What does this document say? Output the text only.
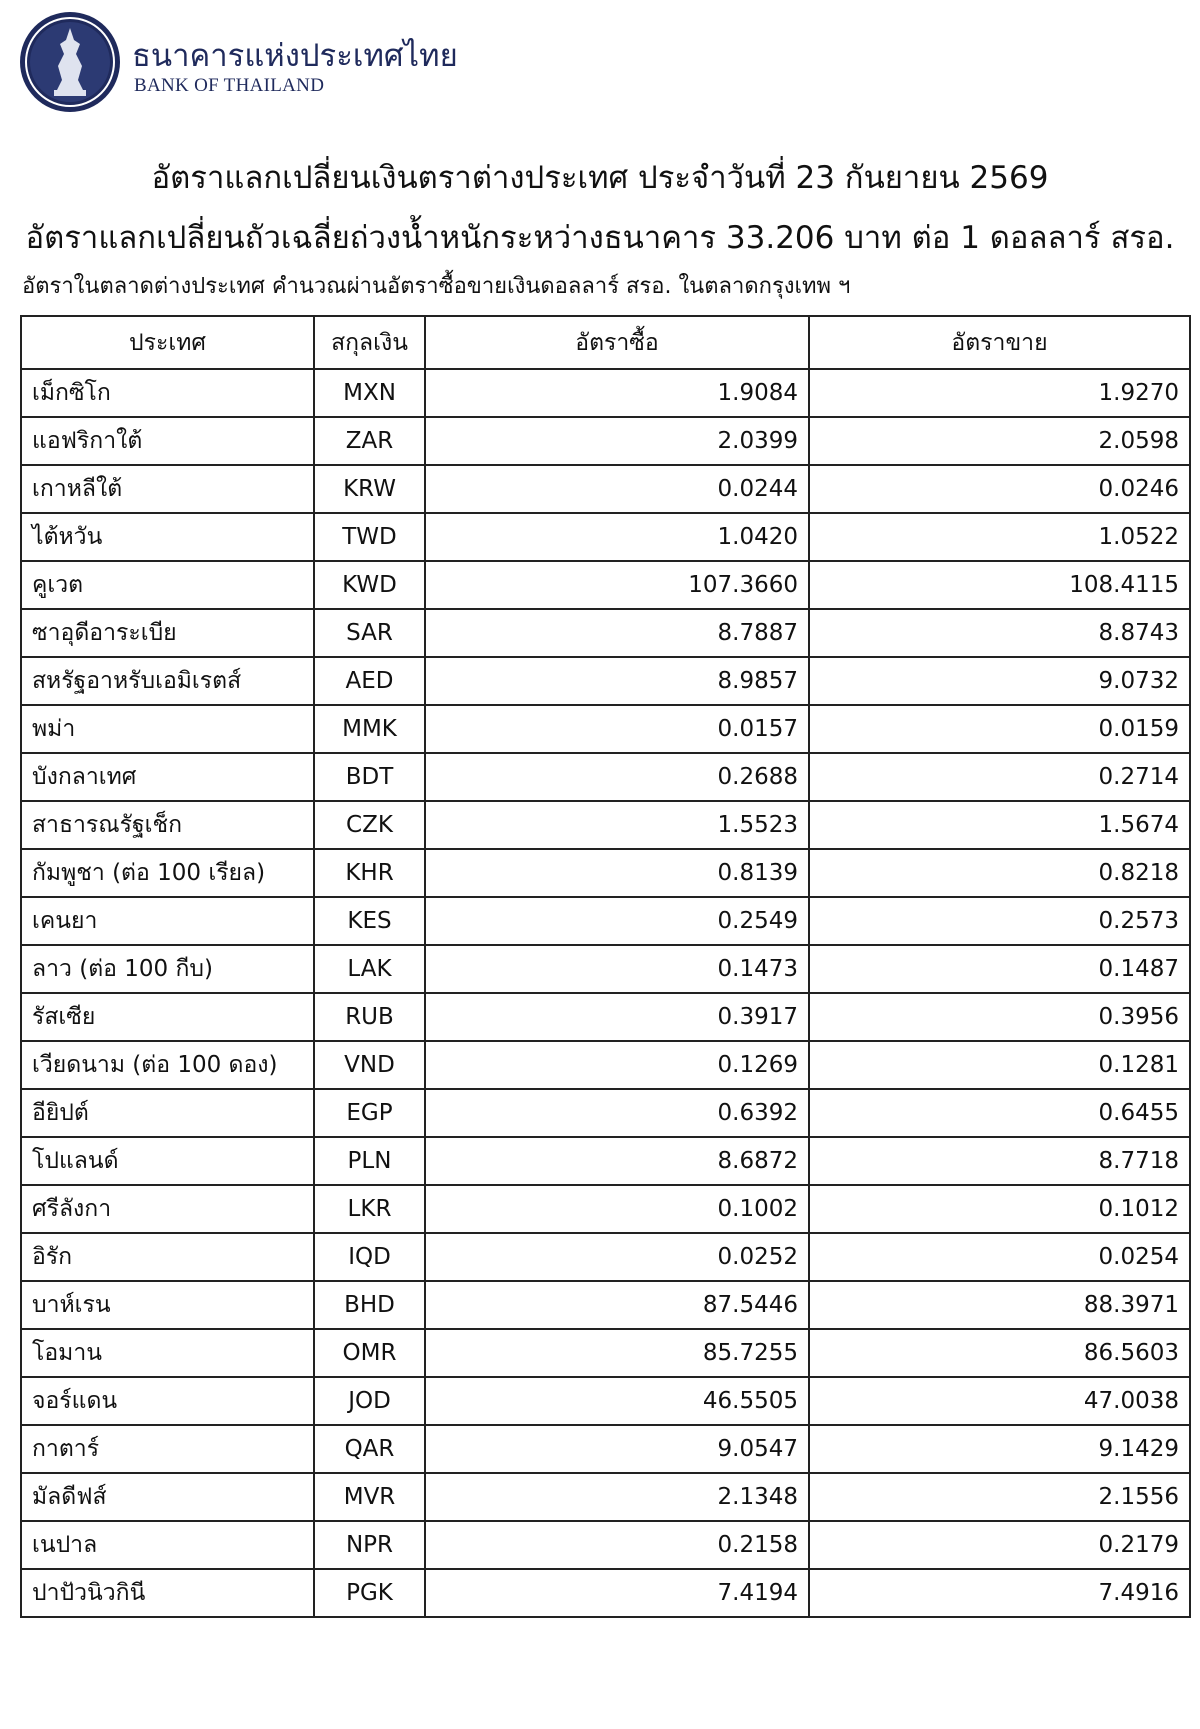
ธนาคารแห่งประเทศไทย
BANK OF THAILAND
อัตราแลกเปลี่ยนเงินตราต่างประเทศ ประจำวันที่ 23 กันยายน 2569
อัตราแลกเปลี่ยนถัวเฉลี่ยถ่วงน้ำหนักระหว่างธนาคาร 33.206 บาท ต่อ 1 ดอลลาร์ สรอ.
อัตราในตลาดต่างประเทศ คำนวณผ่านอัตราซื้อขายเงินดอลลาร์ สรอ. ในตลาดกรุงเทพ ฯ
ประเทศ	สกุลเงิน	อัตราซื้อ	อัตราขาย
เม็กซิโก	MXN	1.9084	1.9270
แอฟริกาใต้	ZAR	2.0399	2.0598
เกาหลีใต้	KRW	0.0244	0.0246
ไต้หวัน	TWD	1.0420	1.0522
คูเวต	KWD	107.3660	108.4115
ซาอุดีอาระเบีย	SAR	8.7887	8.8743
สหรัฐอาหรับเอมิเรตส์	AED	8.9857	9.0732
พม่า	MMK	0.0157	0.0159
บังกลาเทศ	BDT	0.2688	0.2714
สาธารณรัฐเช็ก	CZK	1.5523	1.5674
กัมพูชา (ต่อ 100 เรียล)	KHR	0.8139	0.8218
เคนยา	KES	0.2549	0.2573
ลาว (ต่อ 100 กีบ)	LAK	0.1473	0.1487
รัสเซีย	RUB	0.3917	0.3956
เวียดนาม (ต่อ 100 ดอง)	VND	0.1269	0.1281
อียิปต์	EGP	0.6392	0.6455
โปแลนด์	PLN	8.6872	8.7718
ศรีลังกา	LKR	0.1002	0.1012
อิรัก	IQD	0.0252	0.0254
บาห์เรน	BHD	87.5446	88.3971
โอมาน	OMR	85.7255	86.5603
จอร์แดน	JOD	46.5505	47.0038
กาตาร์	QAR	9.0547	9.1429
มัลดีฟส์	MVR	2.1348	2.1556
เนปาล	NPR	0.2158	0.2179
ปาปัวนิวกินี	PGK	7.4194	7.4916
